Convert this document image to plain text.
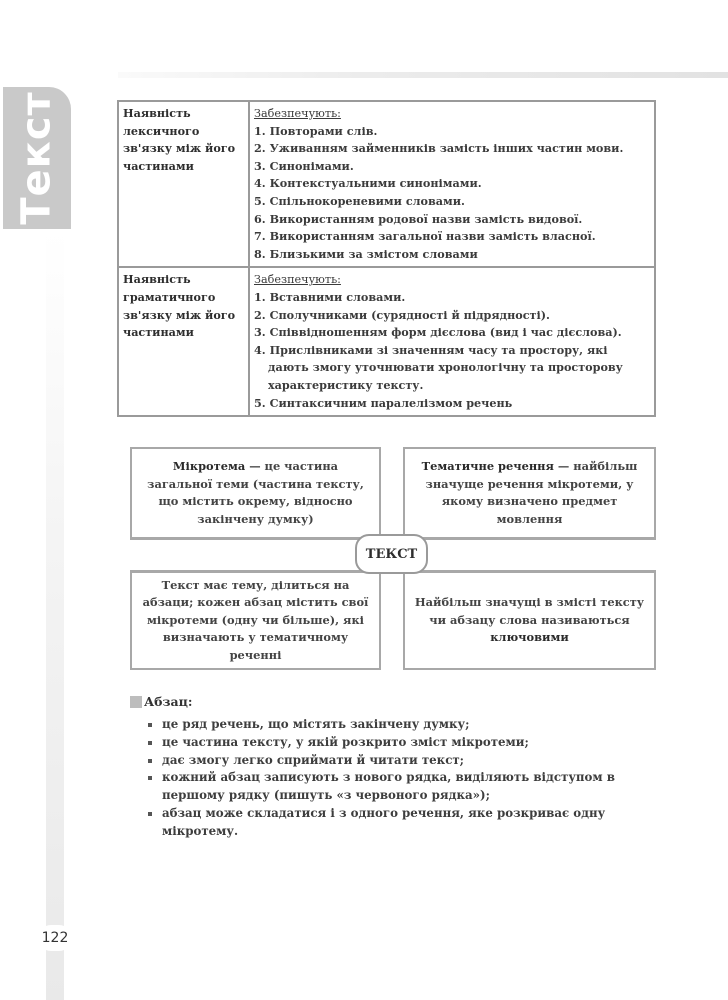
Текст
122
Наявність лексичного зв'язку між його частинами	
Забезпечують:
1. Повторами слів.
2. Уживанням займенників замість інших частин мови.
3. Синонімами.
4. Контекстуальними синонімами.
5. Спільнокореневими словами.
6. Використанням родової назви замість видової.
7. Використанням загальної назви замість власної.
8. Близькими за змістом словами

Наявність граматичного зв'язку між його частинами	
Забезпечують:
1. Вставними словами.
2. Сполучниками (сурядності й підрядності).
3. Співвідношенням форм дієслова (вид і час дієслова).
4. Прислівниками зі значенням часу та простору, які дають змогу уточнювати хронологічну та просторову характеристику тексту.
5. Синтаксичним паралелізмом речень
Мікротема — це частина загальної теми (частина тексту, що містить окрему, відносно закінчену думку)
Тематичне речення — найбільш значуще речення мікротеми, у якому визначено предмет мовлення
Текст має тему, ділиться на абзаци; кожен абзац містить свої мікротеми (одну чи більше), які визначають у тематичному реченні
Найбільш значущі в змісті тексту чи абзацу слова називаються ключовими
ТЕКСТ
Абзац:
це ряд речень, що містять закінчену думку;
це частина тексту, у якій розкрито зміст мікротеми;
дає змогу легко сприймати й читати текст;
кожний абзац записують з нового рядка, виділяють відступом в першому рядку (пишуть «з червоного рядка»);
абзац може складатися і з одного речення, яке розкриває одну мікротему.
